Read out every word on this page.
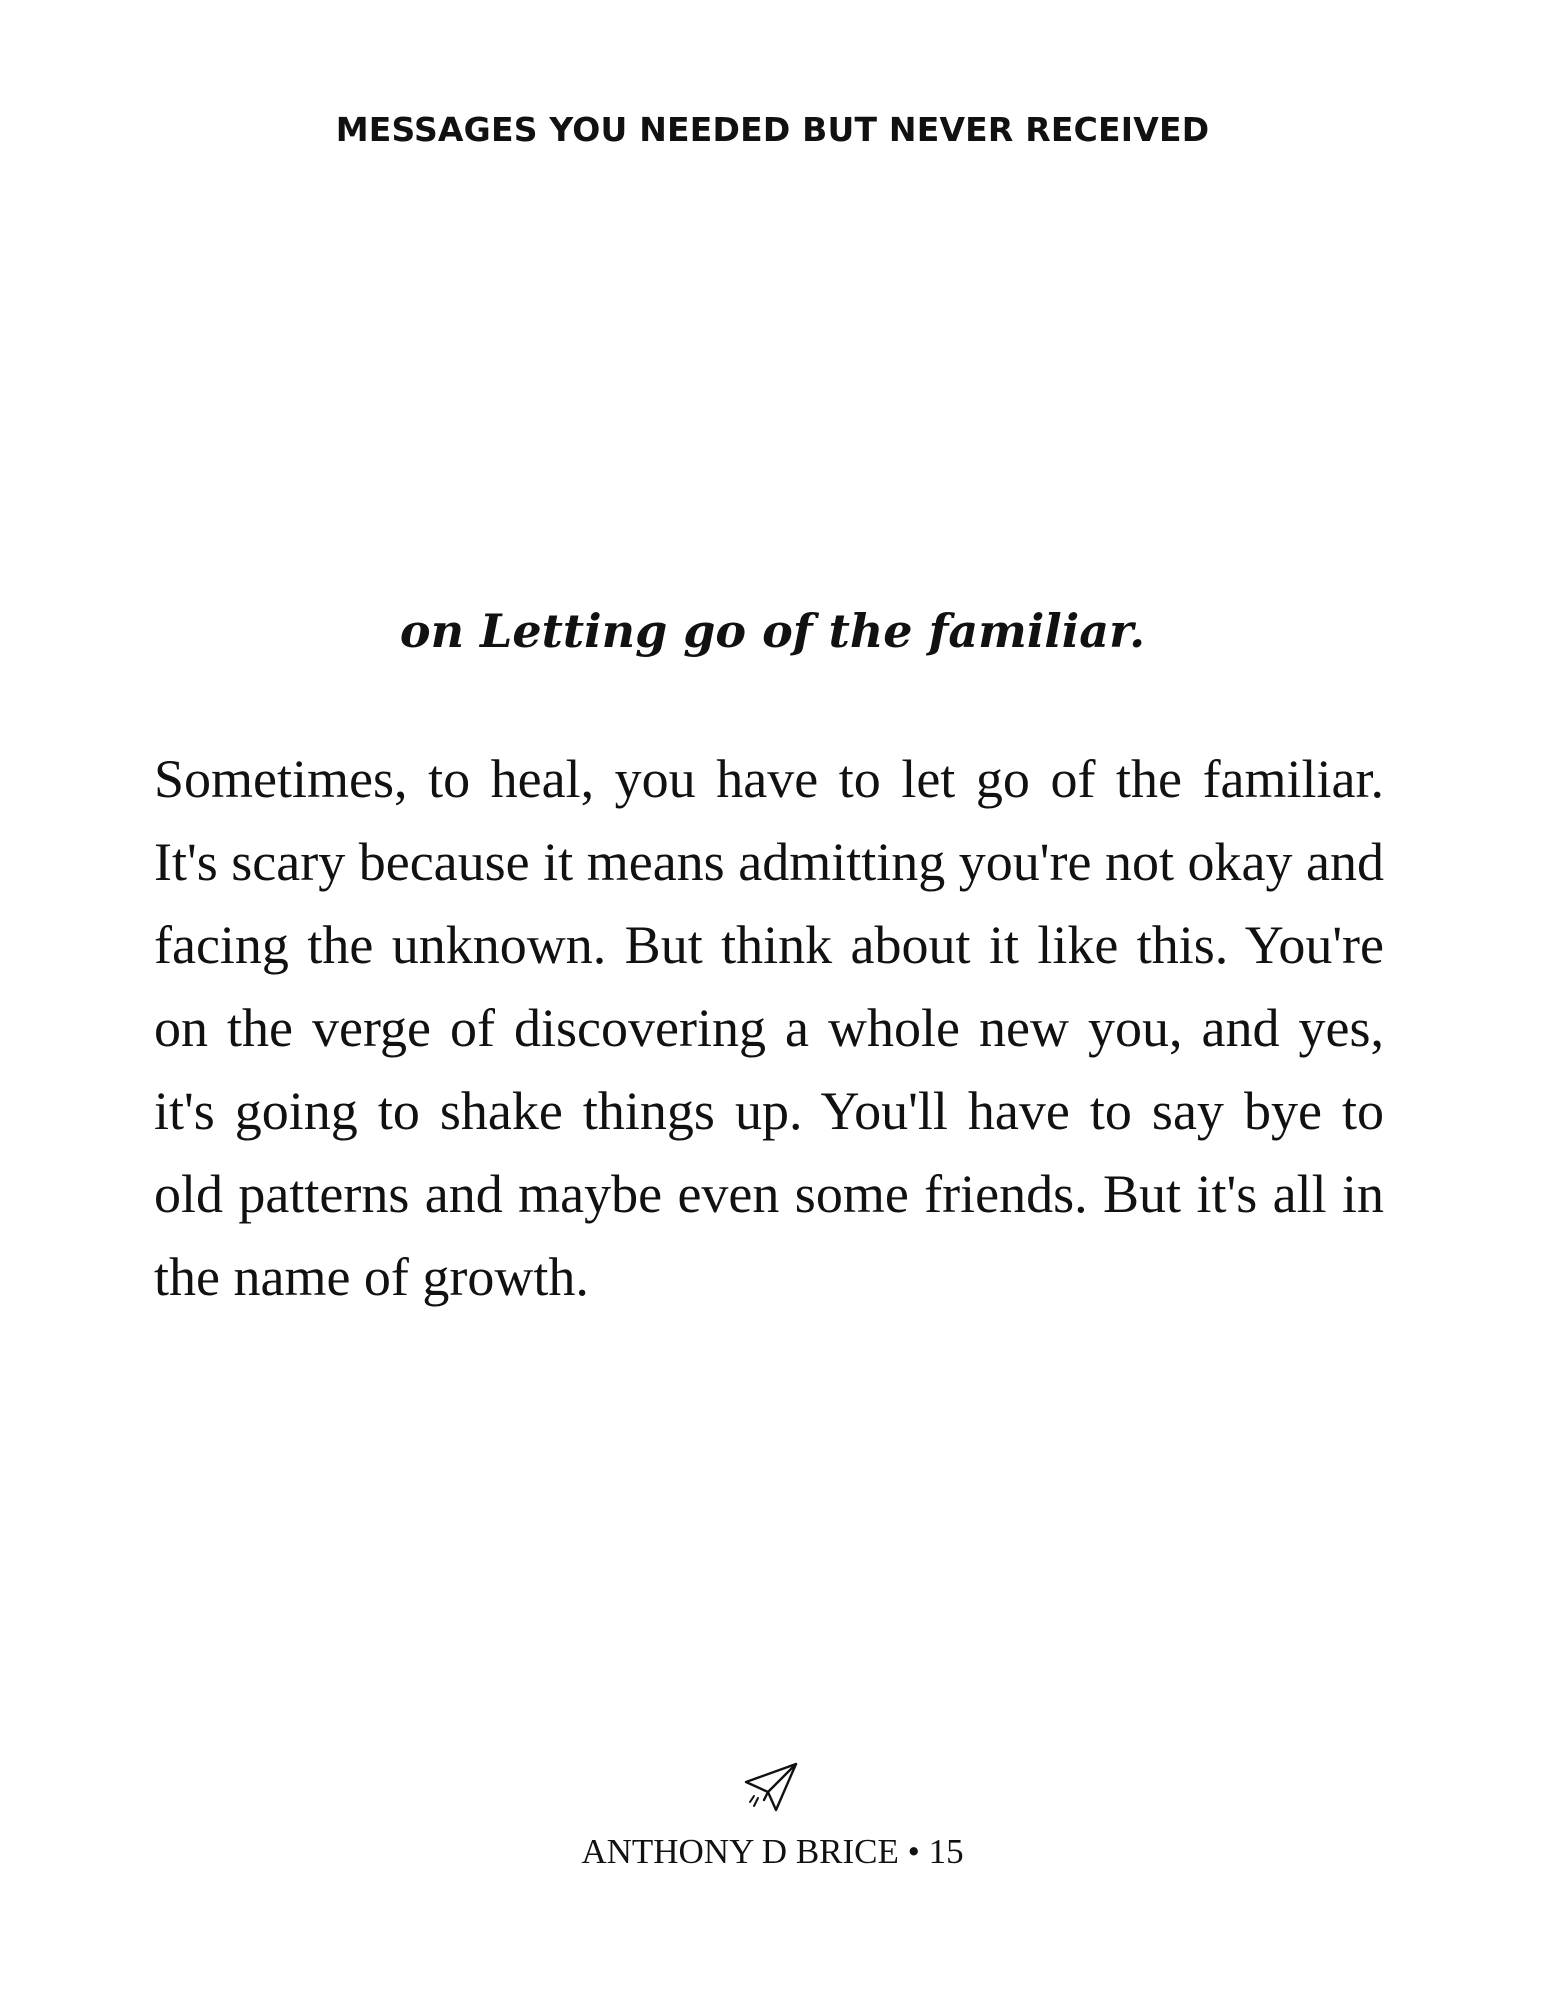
MESSAGES YOU NEEDED BUT NEVER RECEIVED
on Letting go of the familiar.

Sometimes, to heal, you have to let go of the familiar. It's scary because it means admitting you're not okay and facing the unknown. But think about it like this. You're on the verge of discovering a whole new you, and yes, it's going to shake things up. You'll have to say bye to old patterns and maybe even some friends. But it's all in the name of growth.

ANTHONY D BRICE • 15
